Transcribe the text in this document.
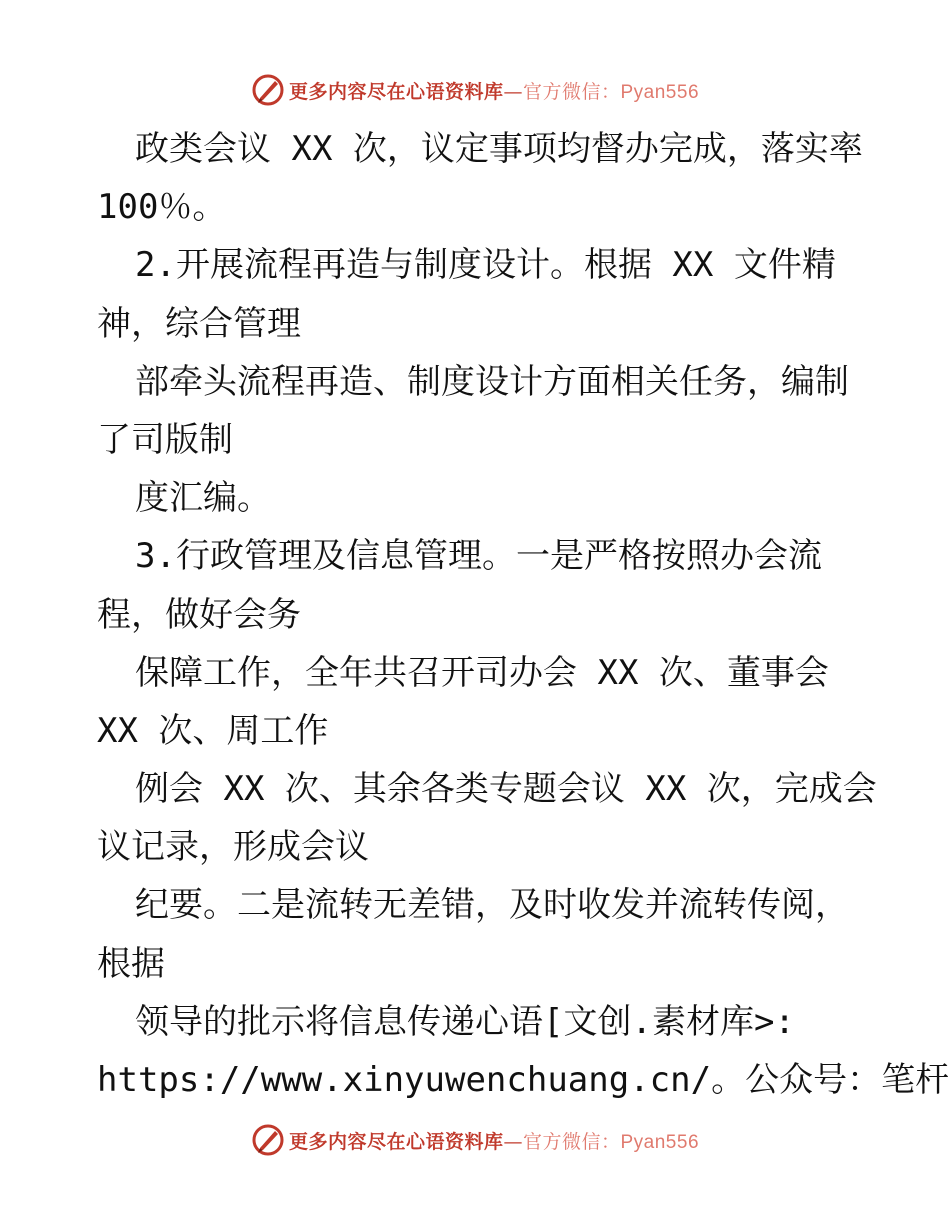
更多内容尽在心语资料库—官方微信：Pyan556
政类会议 XX 次，议定事项均督办完成，落实率
100％。
2.开展流程再造与制度设计。根据 XX 文件精
神，综合管理
部牵头流程再造、制度设计方面相关任务，编制
了司版制
度汇编。
3.行政管理及信息管理。一是严格按照办会流
程，做好会务
保障工作，全年共召开司办会 XX 次、董事会
XX 次、周工作
例会 XX 次、其余各类专题会议 XX 次，完成会
议记录，形成会议
纪要。二是流转无差错，及时收发并流转传阅，
根据
领导的批示将信息传递心语[文创.素材库>:
https://www.xinyuwenchuang.cn/。公众号：笔杆
更多内容尽在心语资料库—官方微信：Pyan556
